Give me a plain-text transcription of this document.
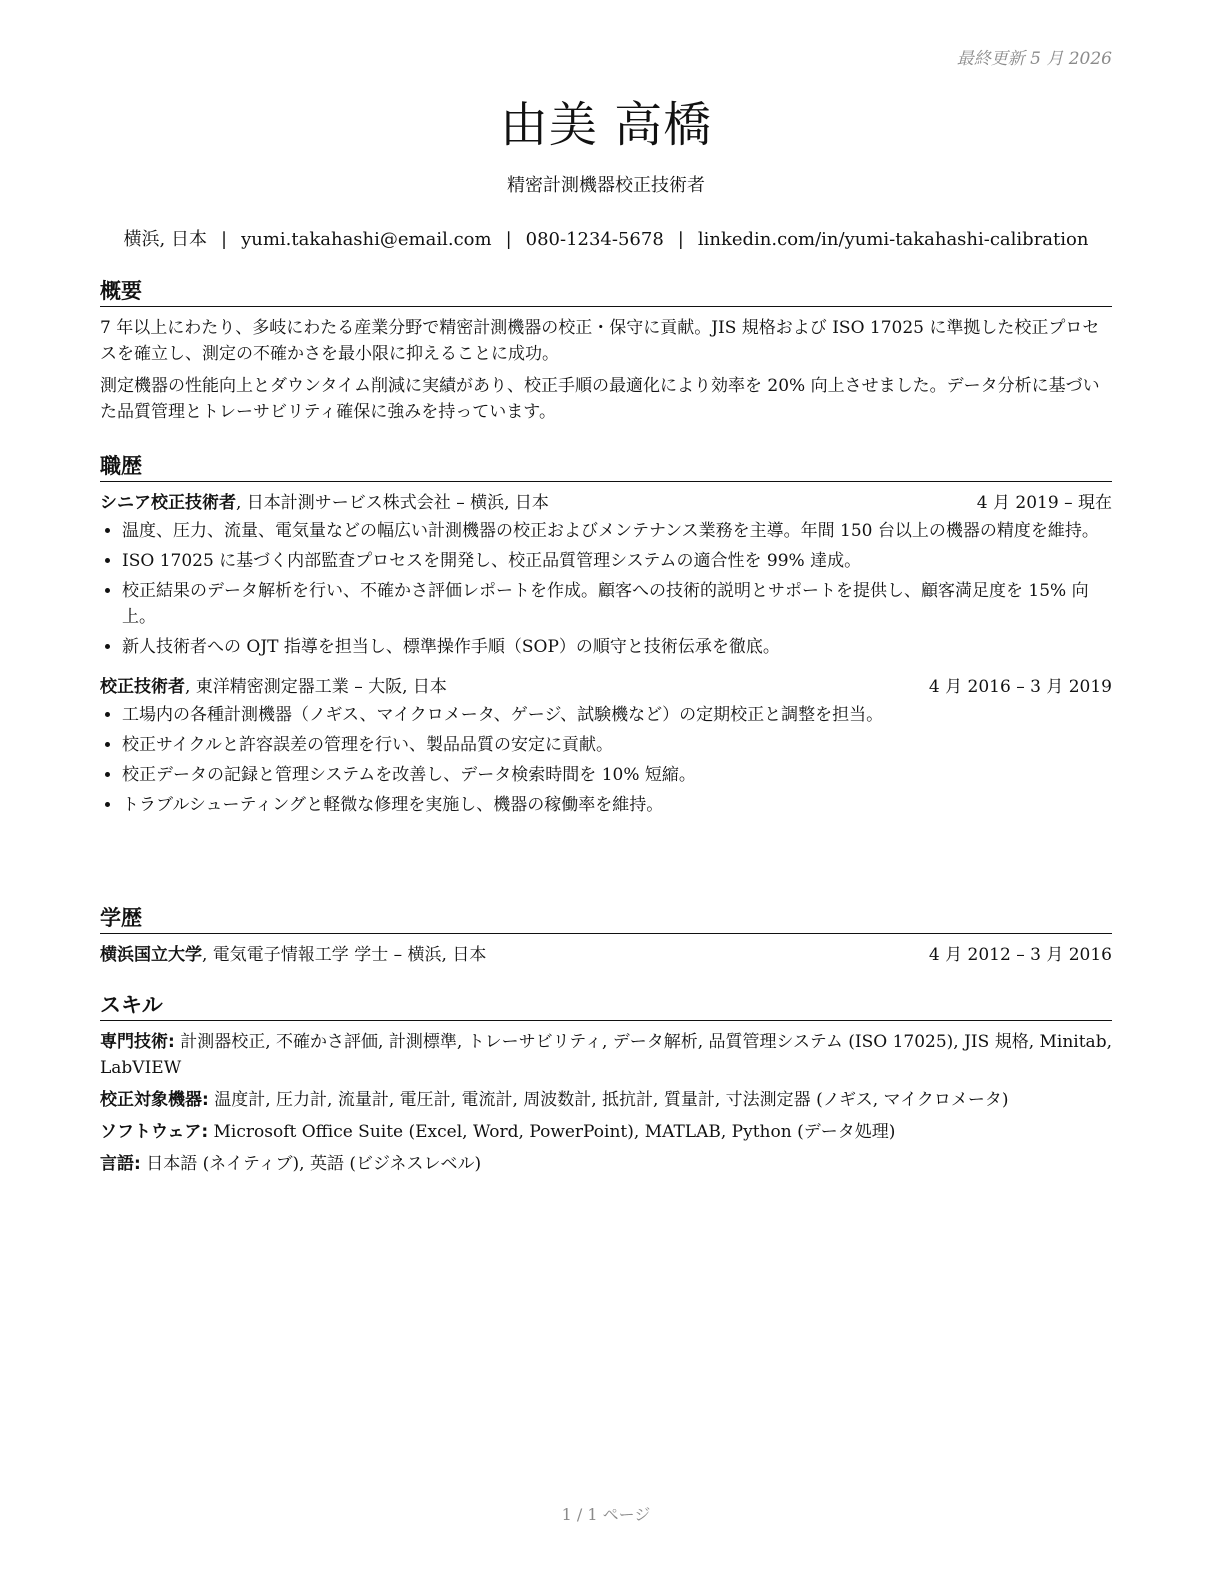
最終更新 5 月 2026
由美 高橋
精密計測機器校正技術者
横浜, 日本 | yumi.takahashi@email.com | 080-1234-5678 | linkedin.com/in/yumi-takahashi-calibration
概要

7 年以上にわたり、多岐にわたる産業分野で精密計測機器の校正・保守に貢献。JIS 規格および ISO 17025 に準拠した校正プロセスを確立し、測定の不確かさを最小限に抑えることに成功。

測定機器の性能向上とダウンタイム削減に実績があり、校正手順の最適化により効率を 20% 向上させました。データ分析に基づいた品質管理とトレーサビリティ確保に強みを持っています。

職歴
シニア校正技術者, 日本計測サービス株式会社 – 横浜, 日本	4 月 2019 – 現在
• 温度、圧力、流量、電気量などの幅広い計測機器の校正およびメンテナンス業務を主導。年間 150 台以上の機器の精度を維持。
• ISO 17025 に基づく内部監査プロセスを開発し、校正品質管理システムの適合性を 99% 達成。
• 校正結果のデータ解析を行い、不確かさ評価レポートを作成。顧客への技術的説明とサポートを提供し、顧客満足度を 15% 向上。
• 新人技術者への OJT 指導を担当し、標準操作手順（SOP）の順守と技術伝承を徹底。
校正技術者, 東洋精密測定器工業 – 大阪, 日本	4 月 2016 – 3 月 2019
• 工場内の各種計測機器（ノギス、マイクロメータ、ゲージ、試験機など）の定期校正と調整を担当。
• 校正サイクルと許容誤差の管理を行い、製品品質の安定に貢献。
• 校正データの記録と管理システムを改善し、データ検索時間を 10% 短縮。
• トラブルシューティングと軽微な修理を実施し、機器の稼働率を維持。
学歴
横浜国立大学, 電気電子情報工学 学士 – 横浜, 日本	4 月 2012 – 3 月 2016
スキル

専門技術: 計測器校正, 不確かさ評価, 計測標準, トレーサビリティ, データ解析, 品質管理システム (ISO 17025), JIS 規格, Minitab, LabVIEW

校正対象機器: 温度計, 圧力計, 流量計, 電圧計, 電流計, 周波数計, 抵抗計, 質量計, 寸法測定器 (ノギス, マイクロメータ)

ソフトウェア: Microsoft Office Suite (Excel, Word, PowerPoint), MATLAB, Python (データ処理)

言語: 日本語 (ネイティブ), 英語 (ビジネスレベル)

1 / 1 ページ
